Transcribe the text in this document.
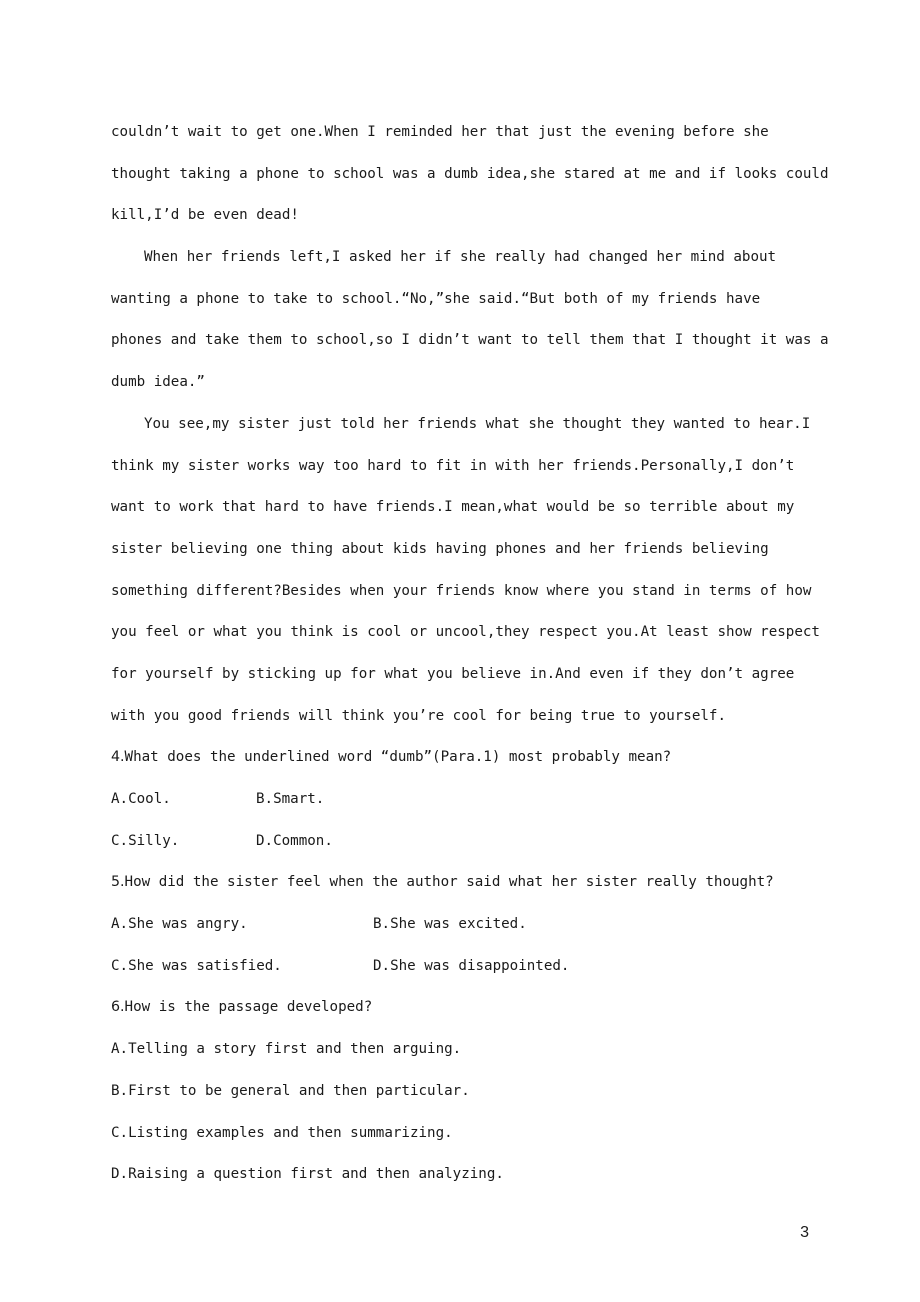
couldn’t wait to get one.When I reminded her that just the evening before she
thought taking a phone to school was a dumb idea,she stared at me and if looks could
kill,I’d be even dead!
When her friends left,I asked her if she really had changed her mind about
wanting a phone to take to school.“No,”she said.“But both of my friends have
phones and take them to school,so I didn’t want to tell them that I thought it was a
dumb idea.”
You see,my sister just told her friends what she thought they wanted to hear.I
think my sister works way too hard to fit in with her friends.Personally,I don’t
want to work that hard to have friends.I mean,what would be so terrible about my
sister believing one thing about kids having phones and her friends believing
something different?Besides when your friends know where you stand in terms of how
you feel or what you think is cool or uncool,they respect you.At least show respect
for yourself by sticking up for what you believe in.And even if they don’t agree
with you good friends will think you’re cool for being true to yourself.
4.What does the underlined word “dumb”(Para.1) most probably mean?

A.Cool.

	B.Smart.

C.Silly.

	D.Common.

5.How did the sister feel when the author said what her sister really thought?

A.She was angry.

	B.She was excited.

C.She was satisfied.

	D.She was disappointed.

6.How is the passage developed?
A.Telling a story first and then arguing.
B.First to be general and then particular.
C.Listing examples and then summarizing.
D.Raising a question first and then analyzing.
3
